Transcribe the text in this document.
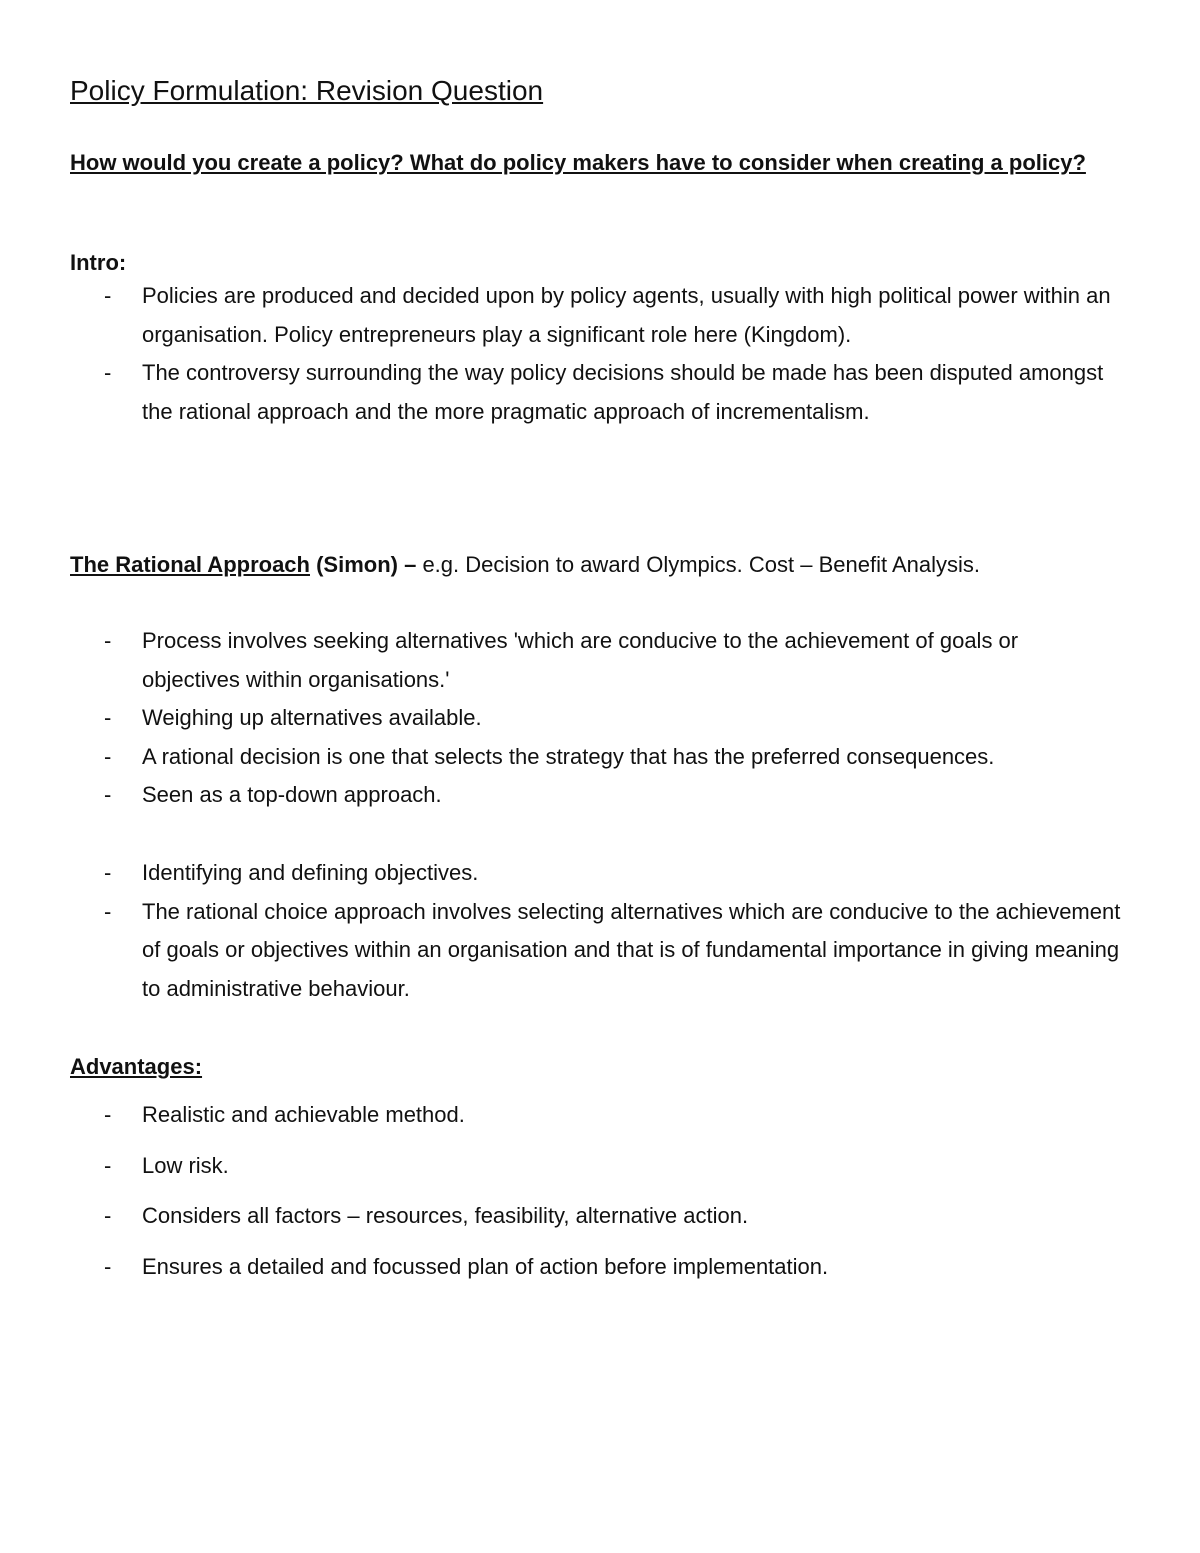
Policy Formulation: Revision Question
How would you create a policy? What do policy makers have to consider when creating a policy?
Intro:
- Policies are produced and decided upon by policy agents, usually with high political power within an organisation. Policy entrepreneurs play a significant role here (Kingdom).
- The controversy surrounding the way policy decisions should be made has been disputed amongst the rational approach and the more pragmatic approach of incrementalism.
The Rational Approach (Simon) – e.g. Decision to award Olympics. Cost – Benefit Analysis.
- Process involves seeking alternatives 'which are conducive to the achievement of goals or objectives within organisations.'
- Weighing up alternatives available.
- A rational decision is one that selects the strategy that has the preferred consequences.
- Seen as a top-down approach.
- Identifying and defining objectives.
- The rational choice approach involves selecting alternatives which are conducive to the achievement of goals or objectives within an organisation and that is of fundamental importance in giving meaning to administrative behaviour.
Advantages:
- Realistic and achievable method.
- Low risk.
- Considers all factors – resources, feasibility, alternative action.
- Ensures a detailed and focussed plan of action before implementation.
